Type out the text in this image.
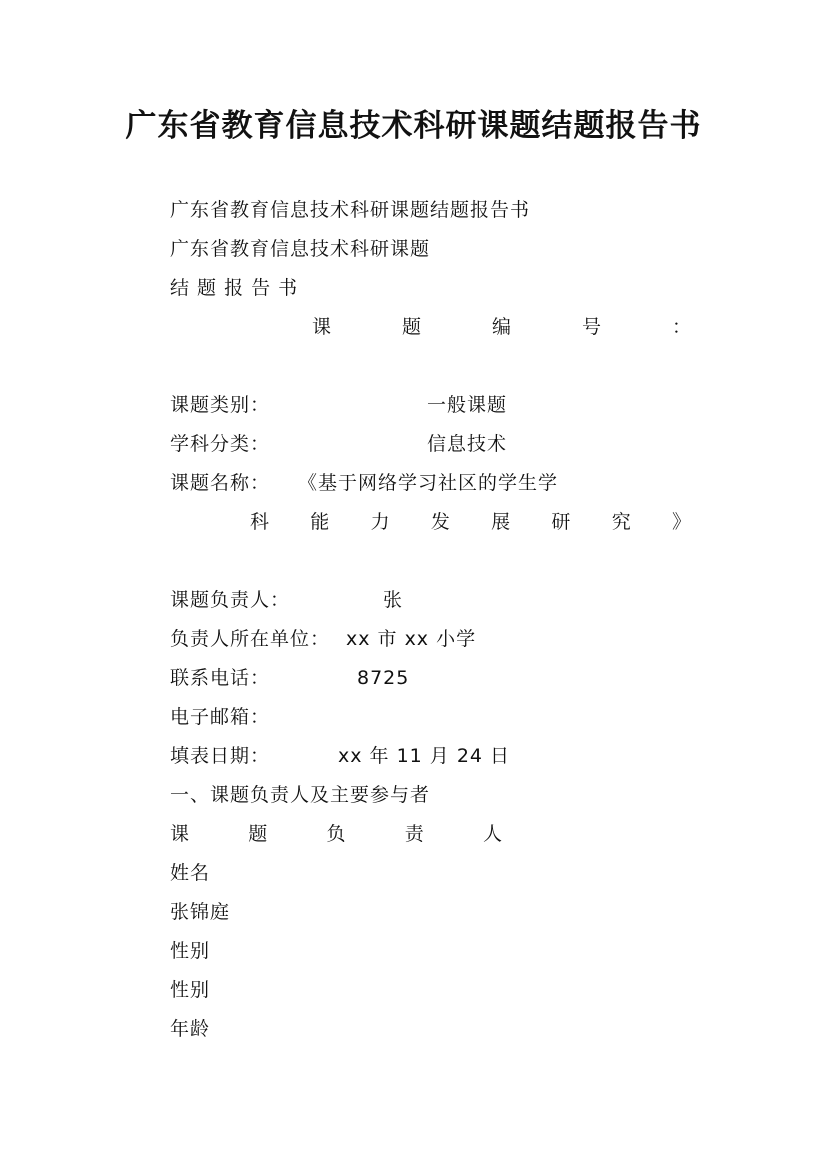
广东省教育信息技术科研课题结题报告书
广东省教育信息技术科研课题结题报告书
广东省教育信息技术科研课题
结 题 报 告 书
课	题	编	号	：
课题类别：	一般课题
学科分类：	信息技术
课题名称： 《基于网络学习社区的学生学
科 能 力 发 展 研 究 》
课题负责人：	张
负责人所在单位： xx 市 xx 小学
联系电话：	8725
电子邮箱：
填表日期：	xx 年 11 月 24 日
一、课题负责人及主要参与者
课	题	负	责	人
姓名
张锦庭
性别
性别
年龄
